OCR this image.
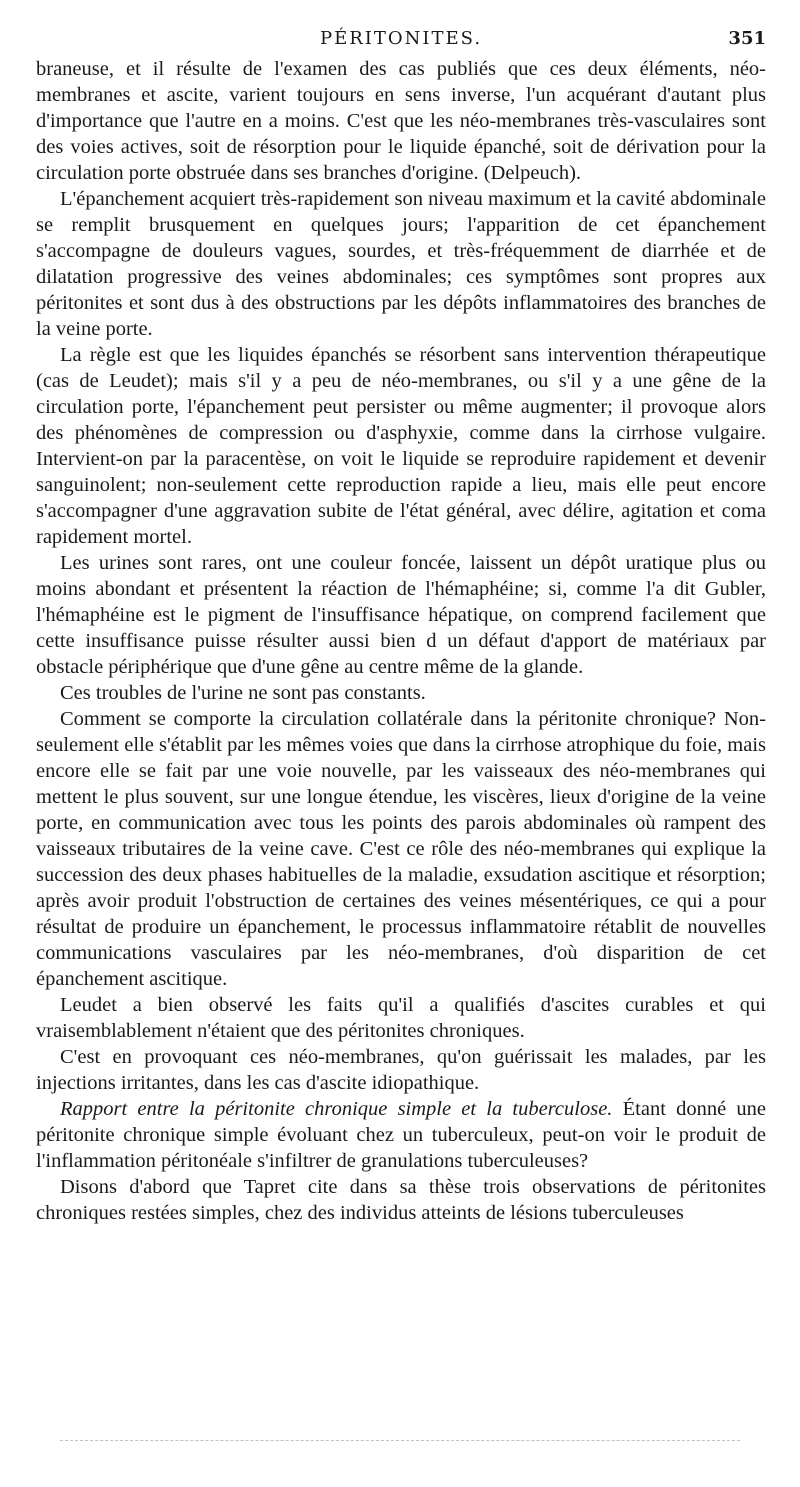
PÉRITONITES.	351

braneuse, et il résulte de l'examen des cas publiés que ces deux éléments, néo-membranes et ascite, varient toujours en sens inverse, l'un acquérant d'autant plus d'importance que l'autre en a moins. C'est que les néo-membranes très-vasculaires sont des voies actives, soit de résorption pour le liquide épanché, soit de dérivation pour la circulation porte obstruée dans ses branches d'origine. (Delpeuch).

L'épanchement acquiert très-rapidement son niveau maximum et la cavité abdominale se remplit brusquement en quelques jours; l'apparition de cet épanchement s'accompagne de douleurs vagues, sourdes, et très-fréquemment de diarrhée et de dilatation progressive des veines abdominales; ces symptômes sont propres aux péritonites et sont dus à des obstructions par les dépôts inflammatoires des branches de la veine porte.

La règle est que les liquides épanchés se résorbent sans intervention thérapeutique (cas de Leudet); mais s'il y a peu de néo-membranes, ou s'il y a une gêne de la circulation porte, l'épanchement peut persister ou même augmenter; il provoque alors des phénomènes de compression ou d'asphyxie, comme dans la cirrhose vulgaire. Intervient-on par la paracentèse, on voit le liquide se reproduire rapidement et devenir sanguinolent; non-seulement cette reproduction rapide a lieu, mais elle peut encore s'accompagner d'une aggravation subite de l'état général, avec délire, agitation et coma rapidement mortel.

Les urines sont rares, ont une couleur foncée, laissent un dépôt uratique plus ou moins abondant et présentent la réaction de l'hémaphéine; si, comme l'a dit Gubler, l'hémaphéine est le pigment de l'insuffisance hépatique, on comprend facilement que cette insuffisance puisse résulter aussi bien d un défaut d'apport de matériaux par obstacle périphérique que d'une gêne au centre même de la glande.

Ces troubles de l'urine ne sont pas constants.

Comment se comporte la circulation collatérale dans la péritonite chronique? Non-seulement elle s'établit par les mêmes voies que dans la cirrhose atrophique du foie, mais encore elle se fait par une voie nouvelle, par les vaisseaux des néo-membranes qui mettent le plus souvent, sur une longue étendue, les viscères, lieux d'origine de la veine porte, en communication avec tous les points des parois abdominales où rampent des vaisseaux tributaires de la veine cave. C'est ce rôle des néo-membranes qui explique la succession des deux phases habituelles de la maladie, exsudation ascitique et résorption; après avoir produit l'obstruction de certaines des veines mésentériques, ce qui a pour résultat de produire un épanchement, le processus inflammatoire rétablit de nouvelles communications vasculaires par les néo-membranes, d'où disparition de cet épanchement ascitique.

Leudet a bien observé les faits qu'il a qualifiés d'ascites curables et qui vraisemblablement n'étaient que des péritonites chroniques.

C'est en provoquant ces néo-membranes, qu'on guérissait les malades, par les injections irritantes, dans les cas d'ascite idiopathique.

Rapport entre la péritonite chronique simple et la tuberculose. Étant donné une péritonite chronique simple évoluant chez un tuberculeux, peut-on voir le produit de l'inflammation péritonéale s'infiltrer de granulations tuberculeuses?

Disons d'abord que Tapret cite dans sa thèse trois observations de péritonites chroniques restées simples, chez des individus atteints de lésions tuberculeuses
